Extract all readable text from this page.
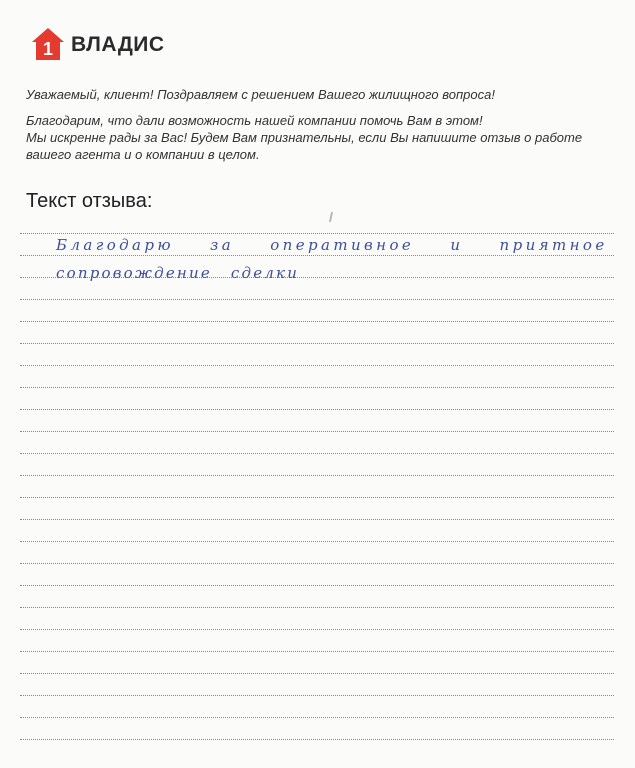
1 ВЛАДИС

Уважаемый, клиент! Поздравляем с решением Вашего жилищного вопроса!

Благодарим, что дали возможность нашей компании помочь Вам в этом!

Мы искренне рады за Вас! Будем Вам признательны, если Вы напишите отзыв о работе

вашего агента и о компании в целом.

Текст отзыва:

Благодарю за оперативное и приятное

сопровождение сделки
